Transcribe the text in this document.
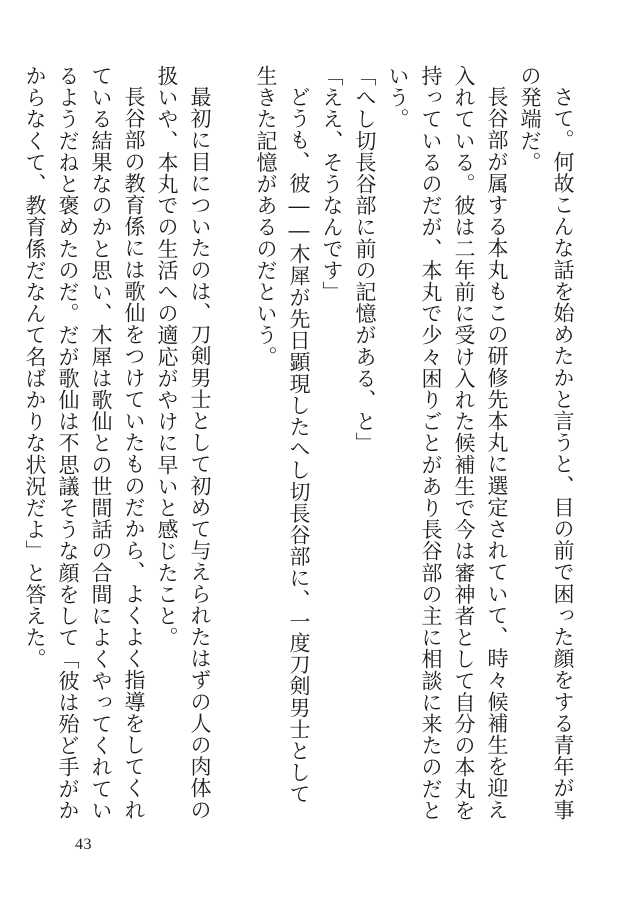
さて。何故こんな話を始めたかと言うと、目の前で困った顔をする青年が事の発端だ。

長谷部が属する本丸もこの研修先本丸に選定されていて、時々候補生を迎え入れている。彼は二年前に受け入れた候補生で今は審神者として自分の本丸を持っているのだが、本丸で少々困りごとがあり長谷部の主に相談に来たのだという。

「へし切長谷部に前の記憶がある、と」

「ええ、そうなんです」

どうも、彼――木犀が先日顕現したへし切長谷部に、一度刀剣男士として生きた記憶があるのだという。

最初に目についたのは、刀剣男士として初めて与えられたはずの人の肉体の扱いや、本丸での生活への適応がやけに早いと感じたこと。

長谷部の教育係には歌仙をつけていたものだから、よくよく指導をしてくれている結果なのかと思い、木犀は歌仙との世間話の合間によくやってくれているようだねと褒めたのだ。だが歌仙は不思議そうな顔をして「彼は殆ど手がかからなくて、教育係だなんて名ばかりな状況だよ」と答えた。

43
